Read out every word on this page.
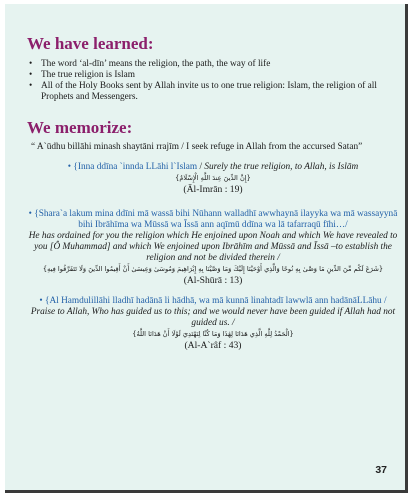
We have learned:
• The word ‘al-dīn’ means the religion, the path, the way of life
• The true religion is Islam
• All of the Holy Books sent by Allah invite us to one true religion: Islam, the religion of all Prophets and Messengers.
We memorize:
“ A`ūdhu billāhi minash shaytāni rrajīm / I seek refuge in Allah from the accursed Satan”
• {Inna ddīna `innda LLāhi l`Islam / Surely the true religion, to Allah, is Islām
{إِنَّ الدِّينَ عِندَ اللَّهِ الْإِسْلَامُ}
(Āl-Imrān : 19)
• {Shara`a lakum mina ddīni mā wassā bihi Nūhann walladhī awwhaynā ilayyka wa mā wassayynā bihi Ibrāhīma wa Mūssā wa Īssā ann aqīmū ddīna wa lā tafarraqū fīhi…/
He has ordained for you the religion which He enjoined upon Noah and which We have revealed to you [Ô Muhammad] and which We enjoined upon Ibrāhīm and Mūssā and Īssā –to establish the religion and not be divided therein /
{شَرَعَ لَكُم مِّنَ الدِّينِ مَا وَصَّىٰ بِهِ نُوحًا وَالَّذِي أَوْحَيْنَا إِلَيْكَ وَمَا وَصَّيْنَا بِهِ إِبْرَاهِيمَ وَمُوسَىٰ وَعِيسَىٰ أَنْ أَقِيمُوا الدِّينَ وَلَا تَتَفَرَّقُوا فِيهِ}
(Al-Shūrā : 13)
• {Al Hamdulillāhi lladhī hadānā li hādhā, wa mā kunnā linahtadī lawwlā ann hadānāLLāhu / Praise to Allah, Who has guided us to this; and we would never have been guided if Allah had not guided us. /
{الْحَمْدُ لِلَّهِ الَّذِي هَدَانَا لِهَٰذَا وَمَا كُنَّا لِنَهْتَدِيَ لَوْلَا أَنْ هَدَانَا اللَّهُ}
(Al-A`râf : 43)
37
